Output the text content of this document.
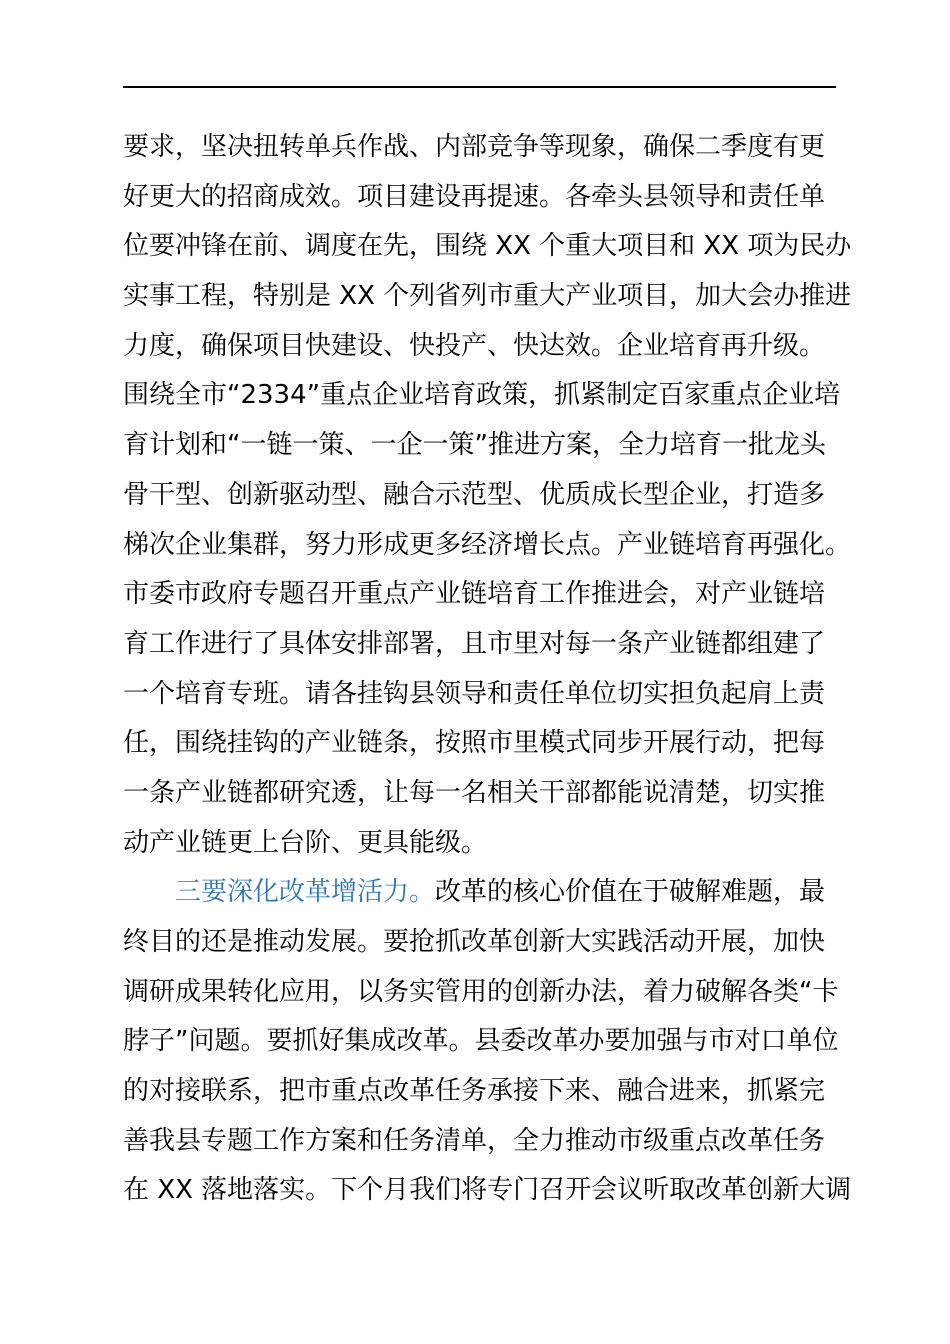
要求，坚决扭转单兵作战、内部竞争等现象，确保二季度有更
好更大的招商成效。项目建设再提速。各牵头县领导和责任单
位要冲锋在前、调度在先，围绕 XX 个重大项目和 XX 项为民办
实事工程，特别是 XX 个列省列市重大产业项目，加大会办推进
力度，确保项目快建设、快投产、快达效。企业培育再升级。
围绕全市“2334”重点企业培育政策，抓紧制定百家重点企业培
育计划和“一链一策、一企一策”推进方案，全力培育一批龙头
骨干型、创新驱动型、融合示范型、优质成长型企业，打造多
梯次企业集群，努力形成更多经济增长点。产业链培育再强化。
市委市政府专题召开重点产业链培育工作推进会，对产业链培
育工作进行了具体安排部署，且市里对每一条产业链都组建了
一个培育专班。请各挂钩县领导和责任单位切实担负起肩上责
任，围绕挂钩的产业链条，按照市里模式同步开展行动，把每
一条产业链都研究透，让每一名相关干部都能说清楚，切实推
动产业链更上台阶、更具能级。
三要深化改革增活力。改革的核心价值在于破解难题，最
终目的还是推动发展。要抢抓改革创新大实践活动开展，加快
调研成果转化应用，以务实管用的创新办法，着力破解各类“卡
脖子”问题。要抓好集成改革。县委改革办要加强与市对口单位
的对接联系，把市重点改革任务承接下来、融合进来，抓紧完
善我县专题工作方案和任务清单，全力推动市级重点改革任务
在 XX 落地落实。下个月我们将专门召开会议听取改革创新大调
